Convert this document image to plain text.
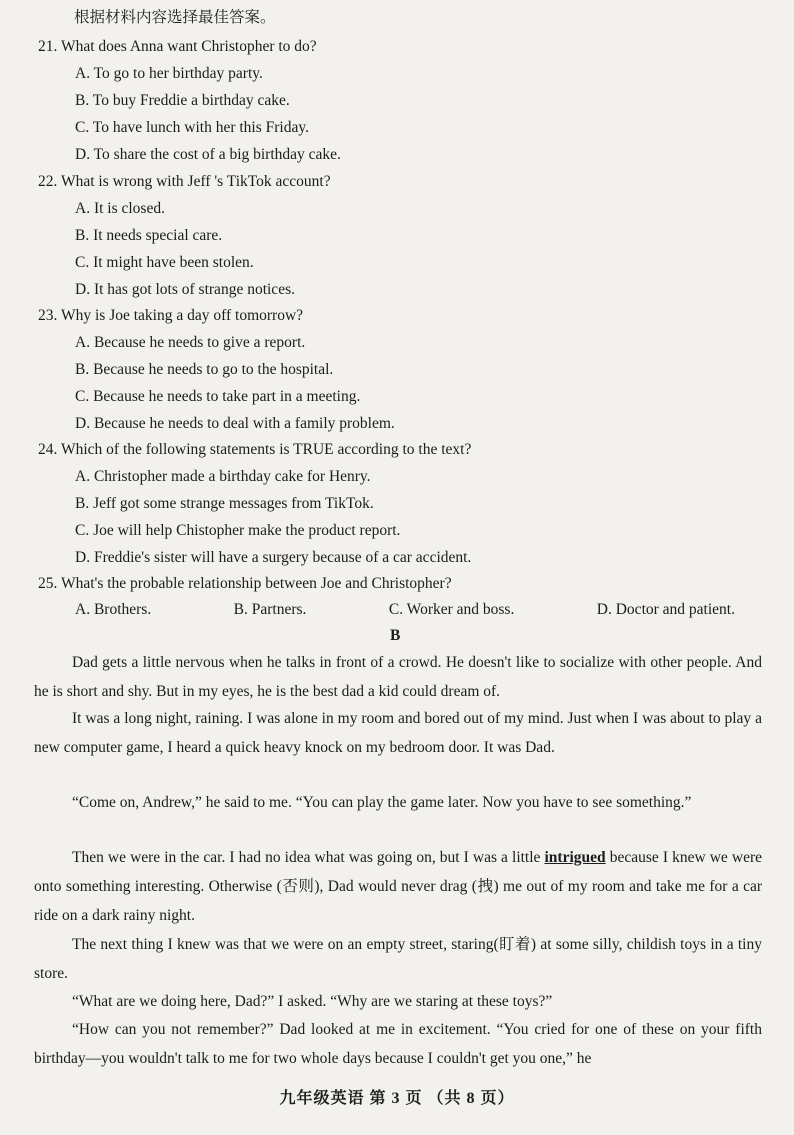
根据材料内容选择最佳答案。
21. What does Anna want Christopher to do?
A. To go to her birthday party.
B. To buy Freddie a birthday cake.
C. To have lunch with her this Friday.
D. To share the cost of a big birthday cake.
22. What is wrong with Jeff 's TikTok account?
A. It is closed.
B. It needs special care.
C. It might have been stolen.
D. It has got lots of strange notices.
23. Why is Joe taking a day off tomorrow?
A. Because he needs to give a report.
B. Because he needs to go to the hospital.
C. Because he needs to take part in a meeting.
D. Because he needs to deal with a family problem.
24. Which of the following statements is TRUE according to the text?
A. Christopher made a birthday cake for Henry.
B. Jeff got some strange messages from TikTok.
C. Joe will help Chistopher make the product report.
D. Freddie's sister will have a surgery because of a car accident.
25. What's the probable relationship between Joe and Christopher?
A. Brothers.	B. Partners.	C. Worker and boss.	D. Doctor and patient.
B
Dad gets a little nervous when he talks in front of a crowd. He doesn't like to socialize with other people. And he is short and shy. But in my eyes, he is the best dad a kid could dream of.
It was a long night, raining. I was alone in my room and bored out of my mind. Just when I was about to play a new computer game, I heard a quick heavy knock on my bedroom door. It was Dad.
“Come on, Andrew,” he said to me. “You can play the game later. Now you have to see something.”
Then we were in the car. I had no idea what was going on, but I was a little intrigued because I knew we were onto something interesting. Otherwise (否则), Dad would never drag (拽) me out of my room and take me for a car ride on a dark rainy night.
The next thing I knew was that we were on an empty street, staring(盯着) at some silly, childish toys in a tiny store.
“What are we doing here, Dad?” I asked. “Why are we staring at these toys?”
“How can you not remember?” Dad looked at me in excitement. “You cried for one of these on your fifth birthday—you wouldn't talk to me for two whole days because I couldn't get you one,” he
九年级英语 第 3 页 （共 8 页）
